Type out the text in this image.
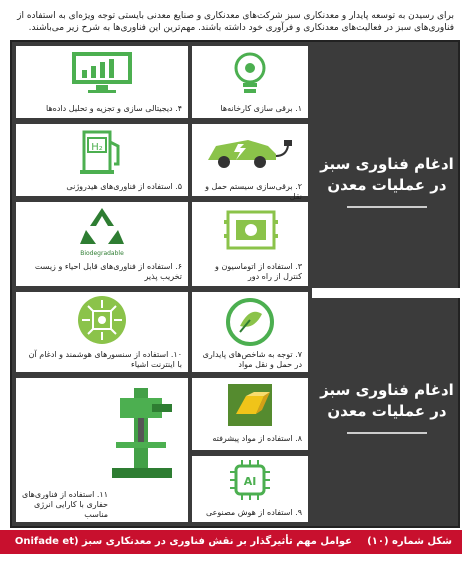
برای رسیدن به توسعه پایدار و معدنکاری سبز شرکت‌های معدنکاری و صنایع معدنی بایستی توجه ویژه‌ای به استفاده از فناوری‌های سبز در فعالیت‌های معدنکاری و فرآوری خود داشته باشند. مهم‌ترین این فناوری‌ها به شرح زیر می‌باشند.
۱. برقی سازی کارخانه‌ها
۴. دیجیتالی سازی و تجزیه و تحلیل داده‌ها
۲. برقی‌سازی سیستم حمل و نقل
H₂
۵. استفاده از فناوری‌های هیدروژنی
۳. استفاده از اتوماسیون و کنترل از راه دور
Biodegradable
۶. استفاده از فناوری‌های قابل احیاء و زیست تخریب پذیر
ادغام فناوری سبز در عملیات معدن
۷. توجه به شاخص‌های پایداری در حمل و نقل مواد
۱۰. استفاده از سنسورهای هوشمند و ادغام آن با اینترنت اشیاء
۸. استفاده از مواد پیشرفته
AI
۹. استفاده از هوش مصنوعی
۱۱. استفاده از فناوری‌های حفاری با کارایی انرژی مناسب
ادغام فناوری سبز در عملیات معدن
شکل شماره (۱۰)
عوامل مهم تأثیرگذار بر نقش فناوری در معدنکاری سبز (Onifade et al., ۲۰۲۴)
